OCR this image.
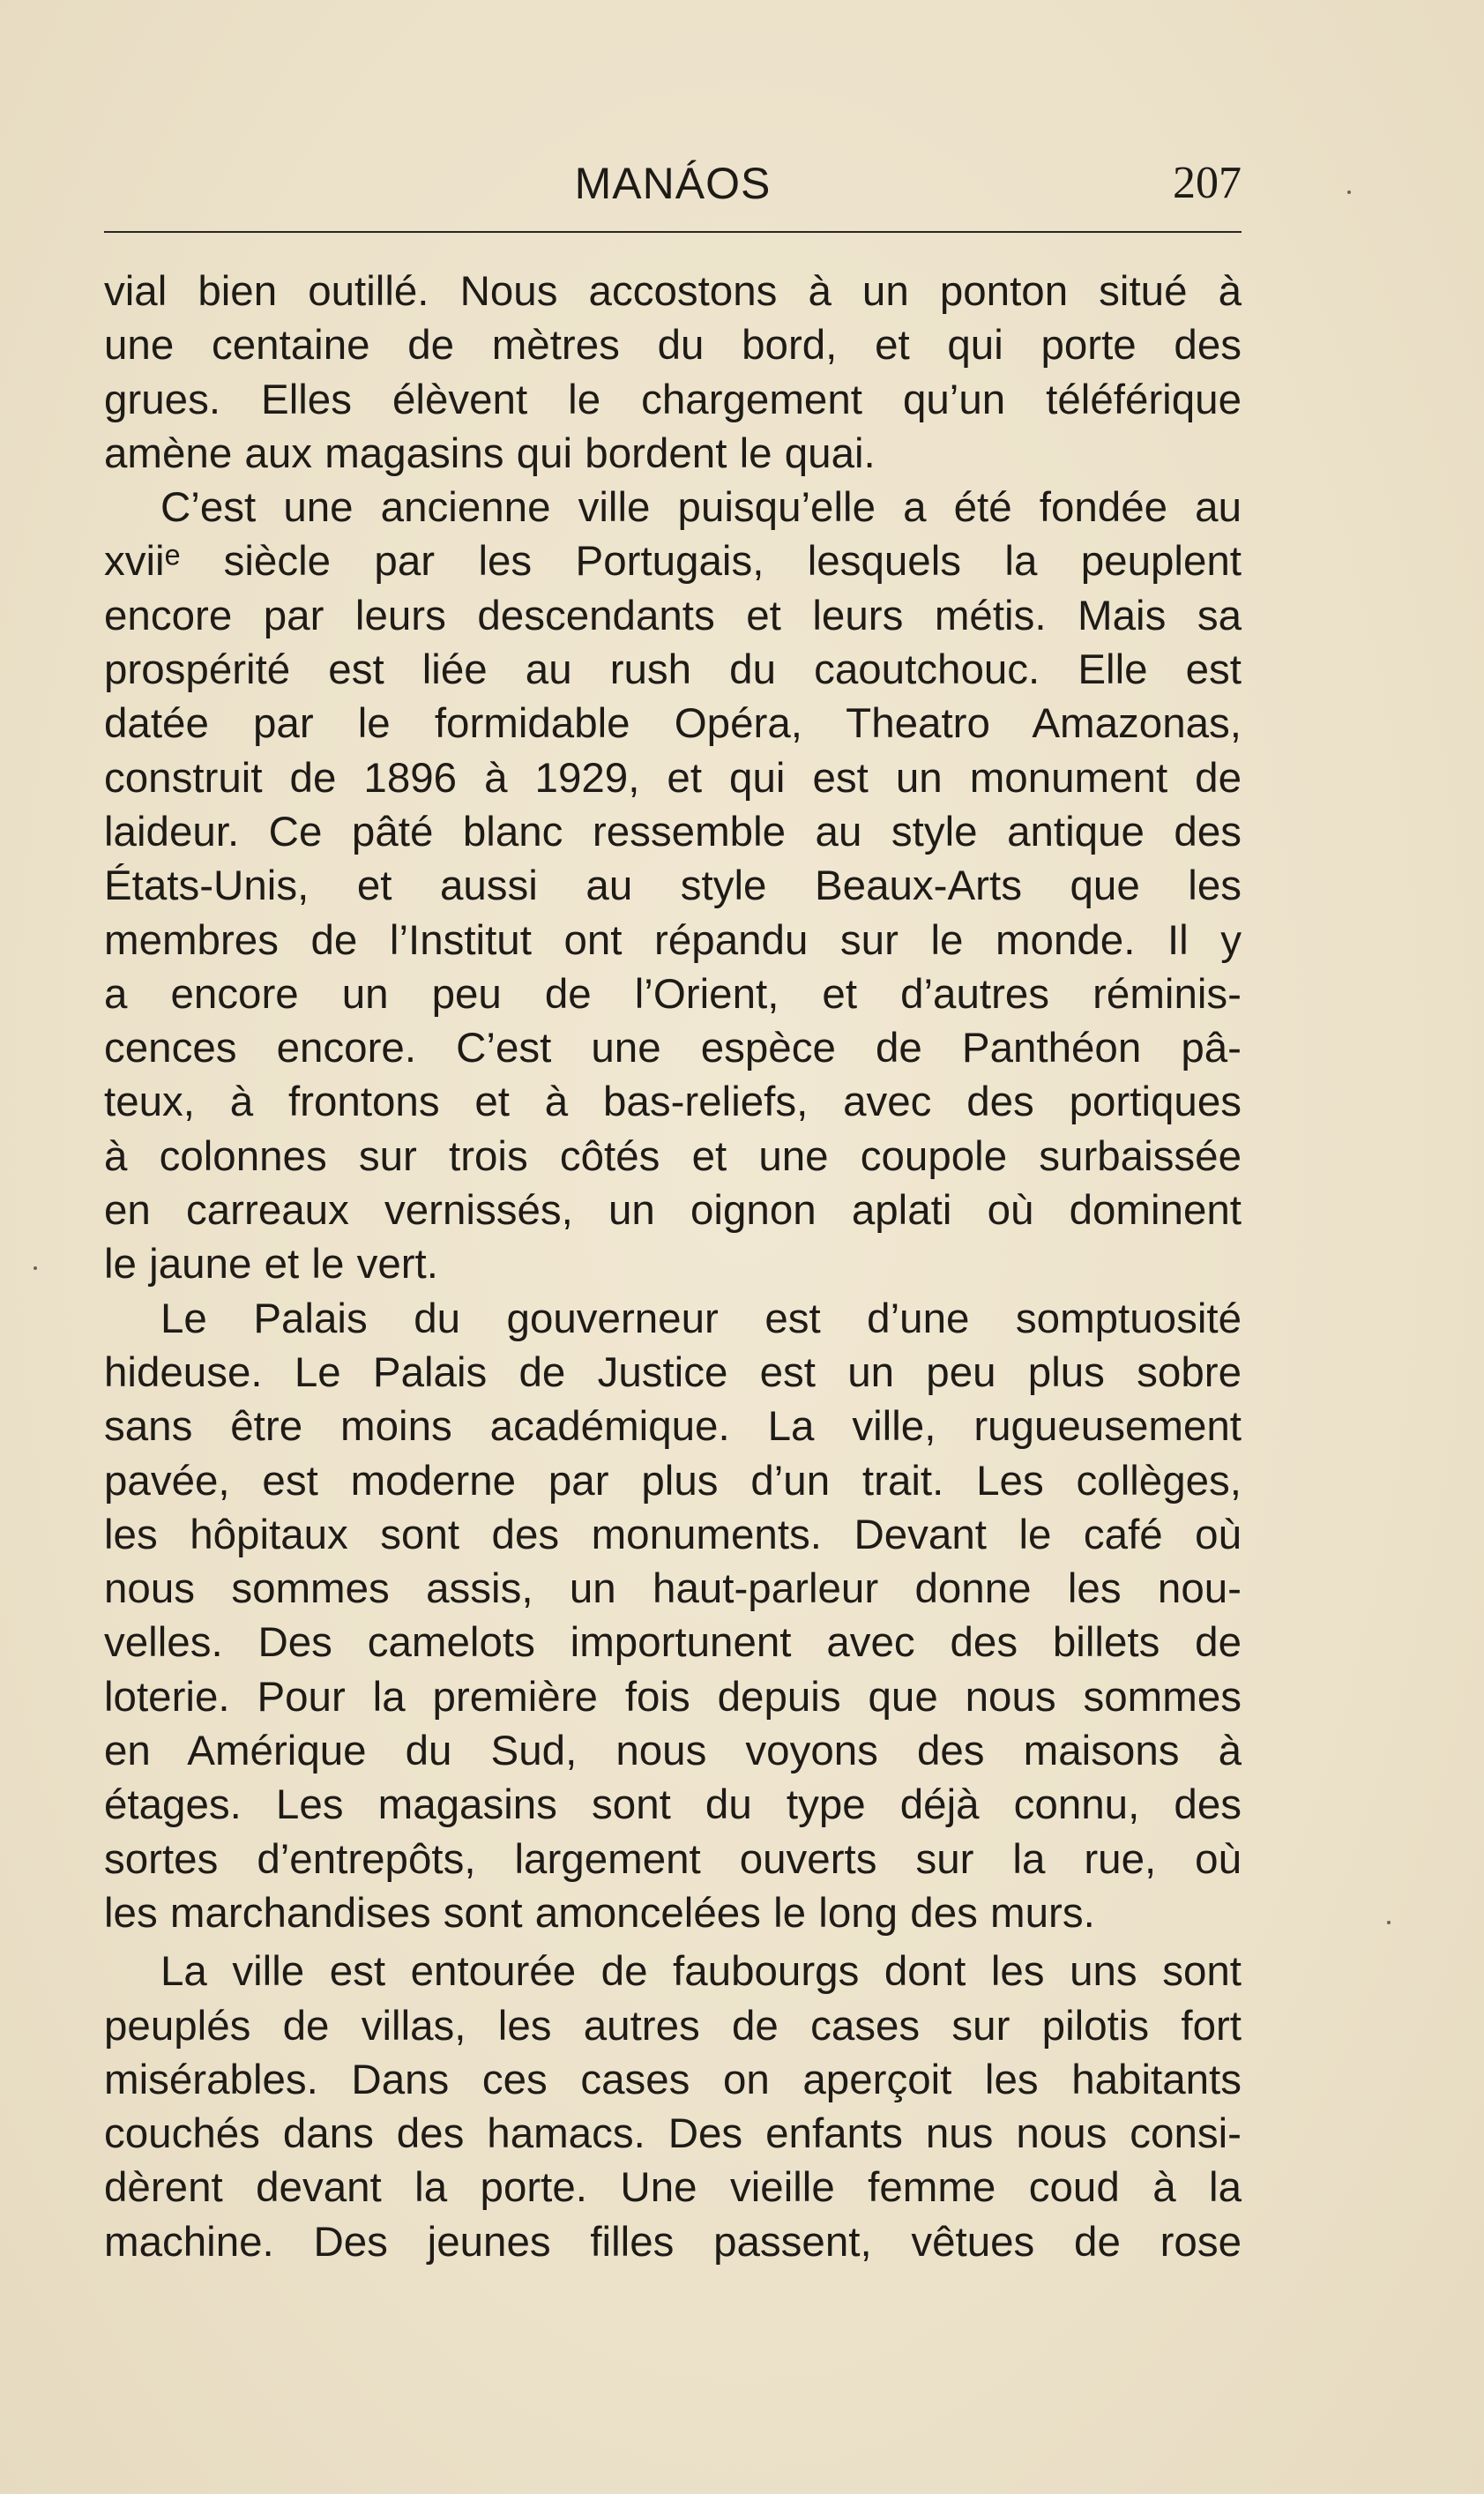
MANÁOS	207
vial bien outillé. Nous accostons à un ponton situé à
une centaine de mètres du bord, et qui porte des
grues. Elles élèvent le chargement qu’un téléférique
amène aux magasins qui bordent le quai.
C’est une ancienne ville puisqu’elle a été fondée au
xviiᵉ siècle par les Portugais, lesquels la peuplent
encore par leurs descendants et leurs métis. Mais sa
prospérité est liée au rush du caoutchouc. Elle est
datée par le formidable Opéra, Theatro Amazonas,
construit de 1896 à 1929, et qui est un monument de
laideur. Ce pâté blanc ressemble au style antique des
États-Unis, et aussi au style Beaux-Arts que les
membres de l’Institut ont répandu sur le monde. Il y
a encore un peu de l’Orient, et d’autres réminis-
cences encore. C’est une espèce de Panthéon pâ-
teux, à frontons et à bas-reliefs, avec des portiques
à colonnes sur trois côtés et une coupole surbaissée
en carreaux vernissés, un oignon aplati où dominent
le jaune et le vert.
Le Palais du gouverneur est d’une somptuosité
hideuse. Le Palais de Justice est un peu plus sobre
sans être moins académique. La ville, rugueusement
pavée, est moderne par plus d’un trait. Les collèges,
les hôpitaux sont des monuments. Devant le café où
nous sommes assis, un haut-parleur donne les nou-
velles. Des camelots importunent avec des billets de
loterie. Pour la première fois depuis que nous sommes
en Amérique du Sud, nous voyons des maisons à
étages. Les magasins sont du type déjà connu, des
sortes d’entrepôts, largement ouverts sur la rue, où
les marchandises sont amoncelées le long des murs.
La ville est entourée de faubourgs dont les uns sont
peuplés de villas, les autres de cases sur pilotis fort
misérables. Dans ces cases on aperçoit les habitants
couchés dans des hamacs. Des enfants nus nous consi-
dèrent devant la porte. Une vieille femme coud à la
machine. Des jeunes filles passent, vêtues de rose
